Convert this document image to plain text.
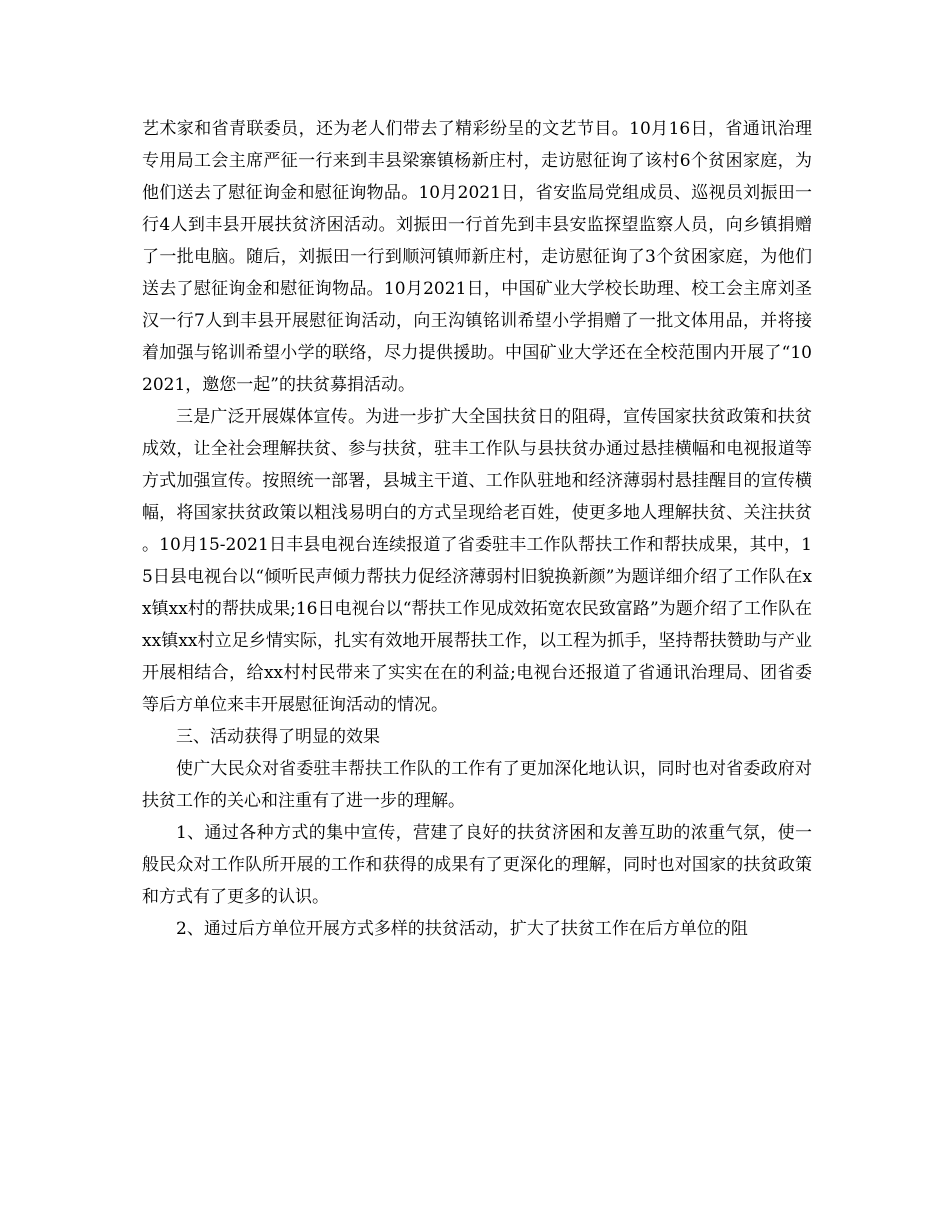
艺术家和省青联委员，还为老人们带去了精彩纷呈的文艺节目。10月16日，省通讯治理专用局工会主席严征一行来到丰县梁寨镇杨新庄村，走访慰征询了该村6个贫困家庭，为他们送去了慰征询金和慰征询物品。10月2021日，省安监局党组成员、巡视员刘振田一行4人到丰县开展扶贫济困活动。刘振田一行首先到丰县安监探望监察人员，向乡镇捐赠了一批电脑。随后，刘振田一行到顺河镇师新庄村，走访慰征询了3个贫困家庭，为他们送去了慰征询金和慰征询物品。10月2021日，中国矿业大学校长助理、校工会主席刘圣汉一行7人到丰县开展慰征询活动，向王沟镇铭训希望小学捐赠了一批文体用品，并将接着加强与铭训希望小学的联络，尽力提供援助。中国矿业大学还在全校范围内开展了“102021，邀您一起”的扶贫募捐活动。

三是广泛开展媒体宣传。为进一步扩大全国扶贫日的阻碍，宣传国家扶贫政策和扶贫成效，让全社会理解扶贫、参与扶贫，驻丰工作队与县扶贫办通过悬挂横幅和电视报道等方式加强宣传。按照统一部署，县城主干道、工作队驻地和经济薄弱村悬挂醒目的宣传横幅，将国家扶贫政策以粗浅易明白的方式呈现给老百姓，使更多地人理解扶贫、关注扶贫。10月15-2021日丰县电视台连续报道了省委驻丰工作队帮扶工作和帮扶成果，其中，15日县电视台以“倾听民声倾力帮扶力促经济薄弱村旧貌换新颜”为题详细介绍了工作队在xx镇xx村的帮扶成果;16日电视台以“帮扶工作见成效拓宽农民致富路”为题介绍了工作队在xx镇xx村立足乡情实际，扎实有效地开展帮扶工作，以工程为抓手，坚持帮扶赞助与产业开展相结合，给xx村村民带来了实实在在的利益;电视台还报道了省通讯治理局、团省委等后方单位来丰开展慰征询活动的情况。

三、活动获得了明显的效果

使广大民众对省委驻丰帮扶工作队的工作有了更加深化地认识，同时也对省委政府对扶贫工作的关心和注重有了进一步的理解。

1、通过各种方式的集中宣传，营建了良好的扶贫济困和友善互助的浓重气氛，使一般民众对工作队所开展的工作和获得的成果有了更深化的理解，同时也对国家的扶贫政策和方式有了更多的认识。

2、通过后方单位开展方式多样的扶贫活动，扩大了扶贫工作在后方单位的阻
